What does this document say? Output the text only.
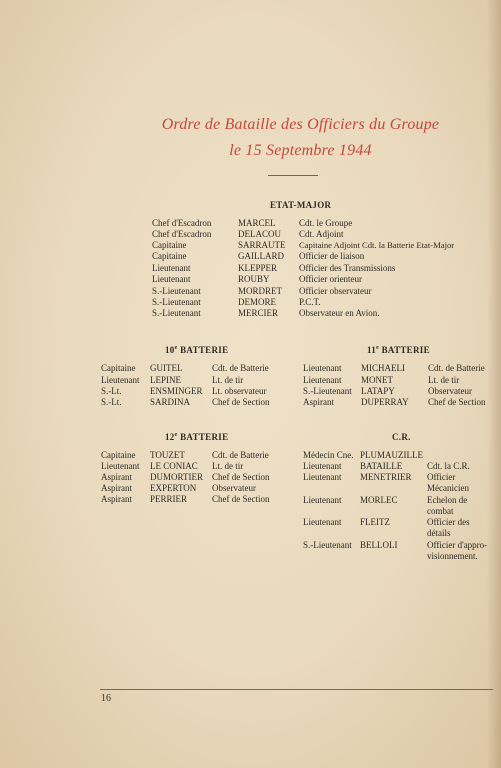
Ordre de Bataille des Officiers du Groupe
le 15 Septembre 1944
ETAT-MAJOR
Chef d'Escadron	MARCEL	Cdt. le Groupe
Chef d'Escadron	DELACOU Cdt. Adjoint
Capitaine	SARRAUTE Capitaine Adjoint Cdt. la Batterie Etat-Major
Capitaine	GAILLARD Officier de liaison
Lieutenant	KLEPPER Officier des Transmissions
Lieutenant	ROUBY	Officier orienteur
S.-Lieutenant	MORDRET Officier observateur
S.-Lieutenant	DEMORE	P.C.T.
S.-Lieutenant	MERCIER Observateur en Avion.
10e BATTERIE
Capitaine GUITEL	Cdt. de Batterie
Lieutenant LEPINE	Lt. de tir
S.-Lt.	ENSMINGER Lt. observateur
S.-Lt.	SARDINA Chef de Section
11e BATTERIE
Lieutenant MICHAELI	Cdt. de Batterie
Lieutenant MONET	Lt. de tir
S.-Lieutenant LATAPY	Observateur
Aspirant	DUPERRAY Chef de Section
12e BATTERIE
Capitaine TOUZET	Cdt. de Batterie
Lieutenant LE CONIAC Lt. de tir
Aspirant DUMORTIER Chef de Section
Aspirant EXPERTON Observateur
Aspirant PERRIER	Chef de Section
C.R.
Médecin Cne. PLUMAUZILLE
Lieutenant BATAILLE	Cdt. la C.R.
Lieutenant MENETRIER Officier Mécanicien
Lieutenant MORLEC	Echelon de combat
Lieutenant FLEITZ	Officier des détails
S.-Lieutenant BELLOLI	Officier d'appro- visionnement.
16
